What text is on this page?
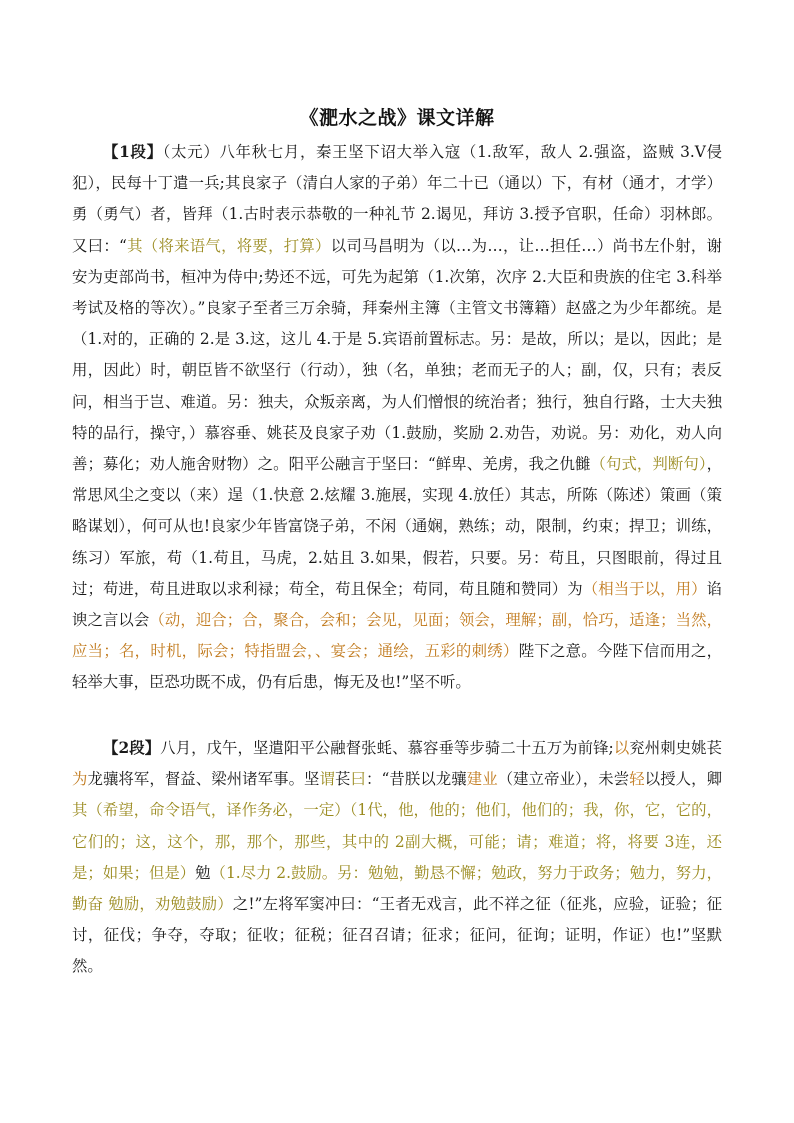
《淝水之战》课文详解
【1段】（太元）八年秋七月，秦王坚下诏大举入寇（1.敌军，敌人 2.强盗，盗贼 3.V侵犯），民每十丁遣一兵;其良家子（清白人家的子弟）年二十已（通以）下，有材（通才，才学）勇（勇气）者，皆拜（1.古时表示恭敬的一种礼节 2.谒见，拜访 3.授予官职，任命）羽林郎。又曰：“其（将来语气，将要，打算）以司马昌明为（以…为…，让…担任…）尚书左仆射，谢安为吏部尚书，桓冲为侍中;势还不远，可先为起第（1.次第，次序 2.大臣和贵族的住宅 3.科举考试及格的等次）。”良家子至者三万余骑，拜秦州主簿（主管文书簿籍）赵盛之为少年都统。是（1.对的，正确的 2.是 3.这，这儿 4.于是 5.宾语前置标志。另：是故，所以；是以，因此；是用，因此）时，朝臣皆不欲坚行（行动），独（名，单独；老而无子的人；副，仅，只有；表反问，相当于岂、难道。另：独夫，众叛亲离，为人们憎恨的统治者；独行，独自行路，士大夫独特的品行，操守，）慕容垂、姚苌及良家子劝（1.鼓励，奖励 2.劝告，劝说。另：劝化，劝人向善；募化；劝人施舍财物）之。阳平公融言于坚曰：“鲜卑、羌虏，我之仇雠（句式，判断句），常思风尘之变以（来）逞（1.快意 2.炫耀 3.施展，实现 4.放任）其志，所陈（陈述）策画（策略谋划），何可从也!良家少年皆富饶子弟，不闲（通娴，熟练；动，限制，约束；捍卫；训练，练习）军旅，苟（1.苟且，马虎，2.姑且 3.如果，假若，只要。另：苟且，只图眼前，得过且过；苟进，苟且进取以求利禄；苟全，苟且保全；苟同，苟且随和赞同）为（相当于以，用）谄谀之言以会（动，迎合；合，聚合，会和；会见，见面；领会，理解；副，恰巧，适逢；当然，应当；名，时机，际会；特指盟会，、宴会；通绘，五彩的刺绣）陛下之意。今陛下信而用之，轻举大事，臣恐功既不成，仍有后患，悔无及也!”坚不听。
【2段】八月，戊午，坚遣阳平公融督张蚝、慕容垂等步骑二十五万为前锋;以兖州刺史姚苌为龙骧将军，督益、梁州诸军事。坚谓苌曰：“昔朕以龙骧建业（建立帝业），未尝轻以授人，卿其（希望，命令语气，译作务必，一定）（1代，他，他的；他们，他们的；我，你，它，它的，它们的；这，这个，那，那个，那些，其中的 2副大概，可能；请；难道；将，将要 3连，还是；如果；但是）勉（1.尽力 2.鼓励。另：勉勉，勤恳不懈；勉政，努力于政务；勉力，努力，勤奋 勉励，劝勉鼓励）之!”左将军窦冲曰：“王者无戏言，此不祥之征（征兆，应验，证验；征讨，征伐；争夺，夺取；征收；征税；征召召请；征求；征问，征询；证明，作证）也!”坚默然。
